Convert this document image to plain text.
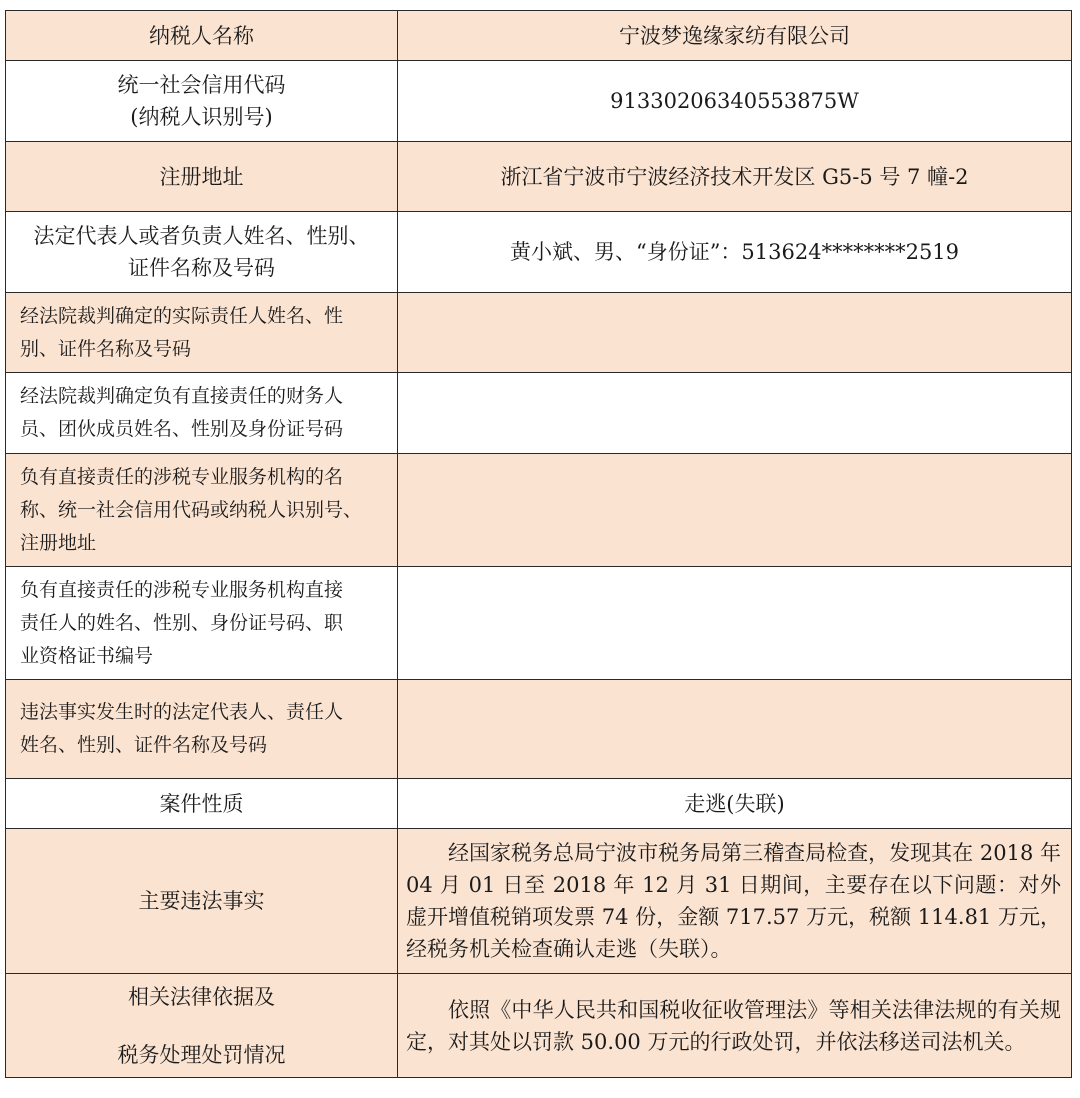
纳税人名称	宁波梦逸缘家纺有限公司

统一社会信用代码
(纳税人识别号)	91330206340553875W
注册地址	浙江省宁波市宁波经济技术开发区 G5-5 号 7 幢-2

法定代表人或者负责人姓名、性别、
证件名称及号码	黄小斌、男、“身份证”：513624********2519

经法院裁判确定的实际责任人姓名、性
别、证件名称及号码	

经法院裁判确定负有直接责任的财务人
员、团伙成员姓名、性别及身份证号码	

负有直接责任的涉税专业服务机构的名
称、统一社会信用代码或纳税人识别号、
注册地址	

负有直接责任的涉税专业服务机构直接
责任人的姓名、性别、身份证号码、职
业资格证书编号	

违法事实发生时的法定代表人、责任人
姓名、性别、证件名称及号码	

案件性质	走逃(失联)
主要违法事实	经国家税务总局宁波市税务局第三稽查局检查，发现其在 2018 年 04 月 01 日至 2018 年 12 月 31 日期间，主要存在以下问题：对外虚开增值税销项发票 74 份，金额 717.57 万元，税额 114.81 万元，经税务机关检查确认走逃（失联）。

相关法律依据及
税务处理处罚情况	依照《中华人民共和国税收征收管理法》等相关法律法规的有关规定，对其处以罚款 50.00 万元的行政处罚，并依法移送司法机关。
